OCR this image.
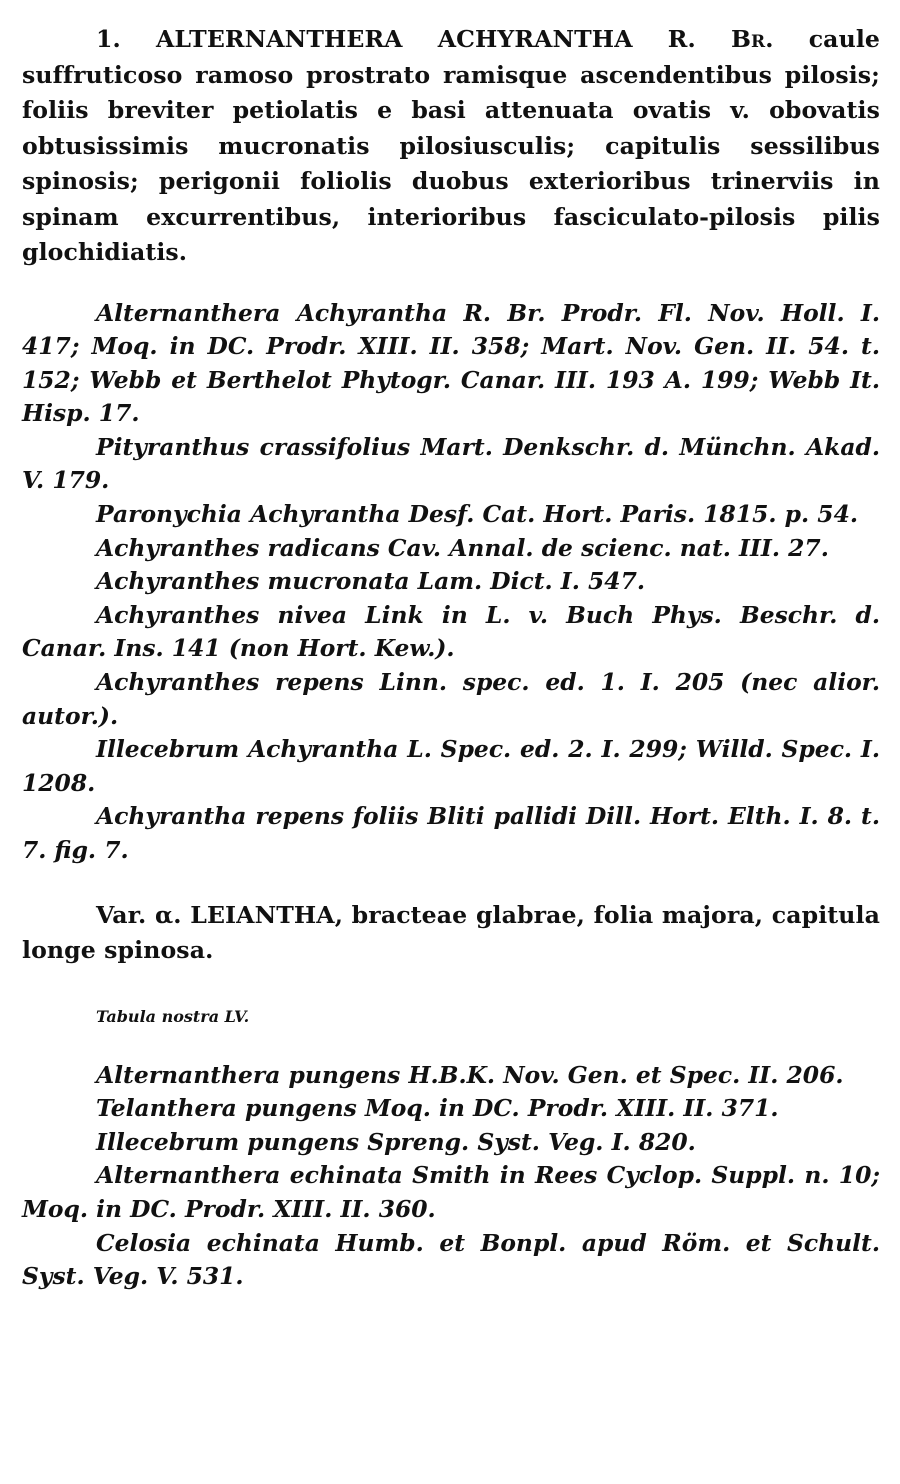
1. ALTERNANTHERA ACHYRANTHA R. Br. caule suffruticoso ramoso prostrato ramisque ascendentibus pilosis; foliis breviter petiolatis e basi attenuata ovatis v. obovatis obtusissimis mucronatis pilosiusculis; capitulis sessilibus spinosis; perigonii foliolis duobus exterioribus trinerviis in spinam excurrentibus, interioribus fasciculato-pilosis pilis glochidiatis.

Alternanthera Achyrantha R. Br. Prodr. Fl. Nov. Holl. I. 417; Moq. in DC. Prodr. XIII. II. 358; Mart. Nov. Gen. II. 54. t. 152; Webb et Berthelot Phytogr. Canar. III. 193 A. 199; Webb It. Hisp. 17.

Pityranthus crassifolius Mart. Denkschr. d. Münchn. Akad. V. 179.

Paronychia Achyrantha Desf. Cat. Hort. Paris. 1815. p. 54.

Achyranthes radicans Cav. Annal. de scienc. nat. III. 27.

Achyranthes mucronata Lam. Dict. I. 547.

Achyranthes nivea Link in L. v. Buch Phys. Beschr. d. Canar. Ins. 141 (non Hort. Kew.).

Achyranthes repens Linn. spec. ed. 1. I. 205 (nec alior. autor.).

Illecebrum Achyrantha L. Spec. ed. 2. I. 299; Willd. Spec. I. 1208.

Achyrantha repens foliis Bliti pallidi Dill. Hort. Elth. I. 8. t. 7. fig. 7.

Var. α. LEIANTHA, bracteae glabrae, folia majora, capitula longe spinosa.

Tabula nostra LV.

Alternanthera pungens H.B.K. Nov. Gen. et Spec. II. 206.

Telanthera pungens Moq. in DC. Prodr. XIII. II. 371.

Illecebrum pungens Spreng. Syst. Veg. I. 820.

Alternanthera echinata Smith in Rees Cyclop. Suppl. n. 10; Moq. in DC. Prodr. XIII. II. 360.

Celosia echinata Humb. et Bonpl. apud Röm. et Schult. Syst. Veg. V. 531.
